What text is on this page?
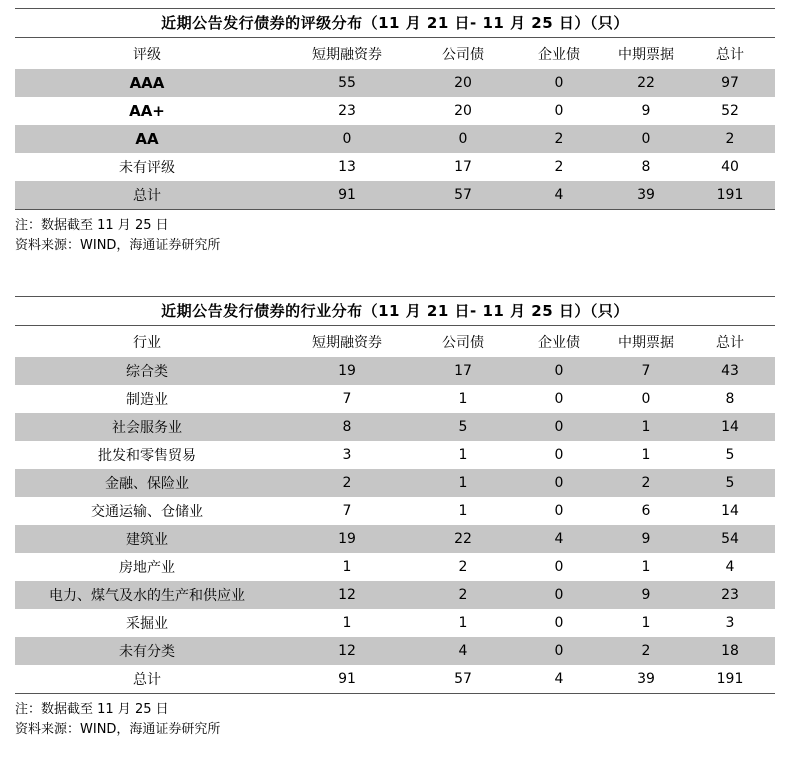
近期公告发行债券的评级分布（11 月 21 日- 11 月 25 日）（只）
评级	短期融资券	公司债	企业债	中期票据	总计
AAA	55	20	0	22	97
AA+	23	20	0	9	52
AA	0	0	2	0	2
未有评级	13	17	2	8	40
总计	91	57	4	39	191
注：数据截至 11 月 25 日
资料来源：WIND，海通证券研究所
近期公告发行债券的行业分布（11 月 21 日- 11 月 25 日）（只）
行业	短期融资券	公司债	企业债	中期票据	总计
综合类	19	17	0	7	43
制造业	7	1	0	0	8
社会服务业	8	5	0	1	14
批发和零售贸易	3	1	0	1	5
金融、保险业	2	1	0	2	5
交通运输、仓储业	7	1	0	6	14
建筑业	19	22	4	9	54
房地产业	1	2	0	1	4
电力、煤气及水的生产和供应业	12	2	0	9	23
采掘业	1	1	0	1	3
未有分类	12	4	0	2	18
总计	91	57	4	39	191
注：数据截至 11 月 25 日
资料来源：WIND，海通证券研究所
